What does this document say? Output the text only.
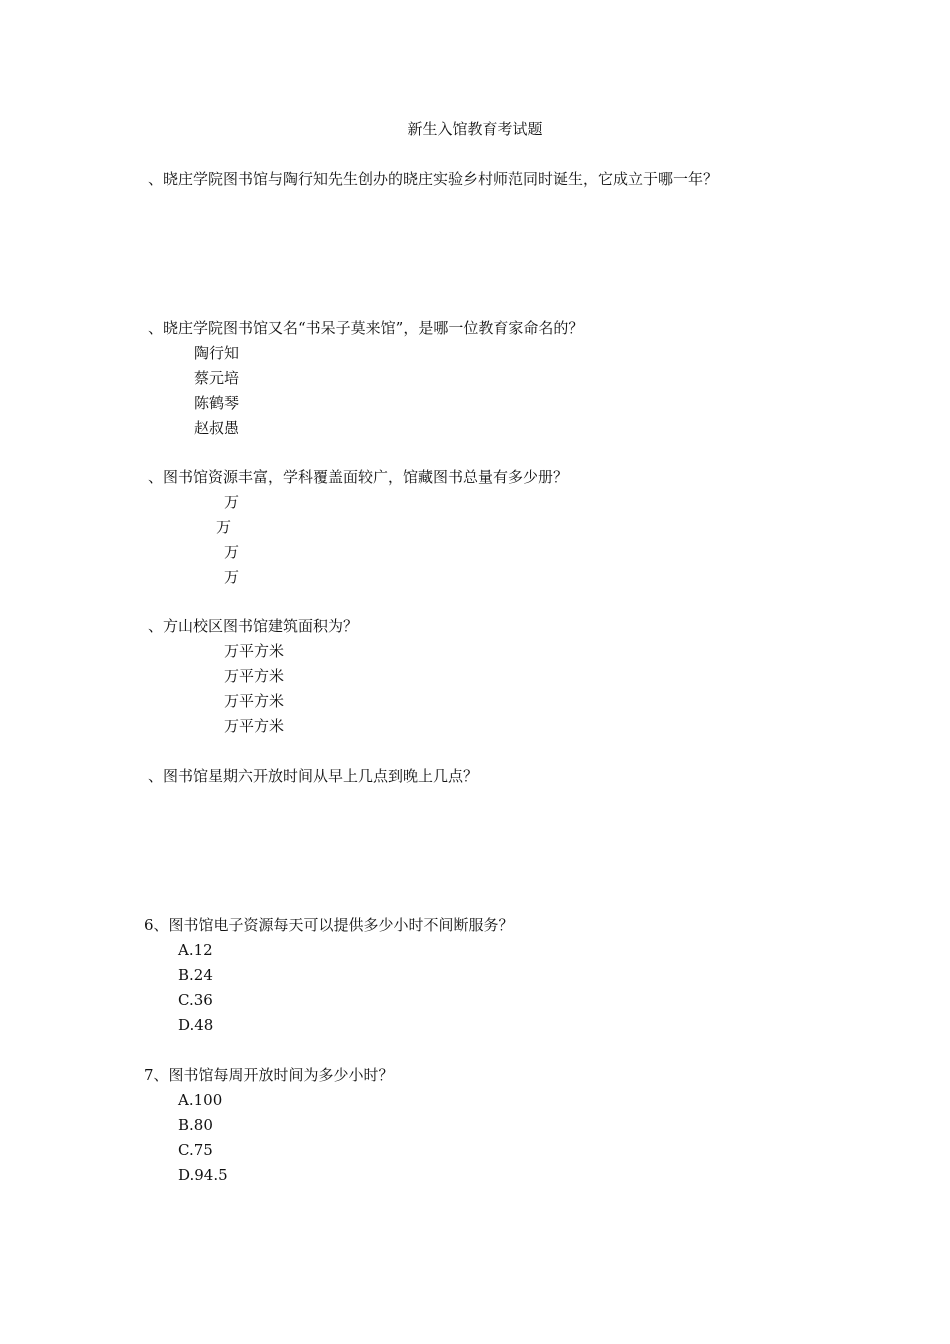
新生入馆教育考试题
、晓庄学院图书馆与陶行知先生创办的晓庄实验乡村师范同时诞生，它成立于哪一年？
、晓庄学院图书馆又名“书呆子莫来馆”，是哪一位教育家命名的？
陶行知
蔡元培
陈鹤琴
赵叔愚
、图书馆资源丰富，学科覆盖面较广，馆藏图书总量有多少册？
万
万
万
万
、方山校区图书馆建筑面积为？
万平方米
万平方米
万平方米
万平方米
、图书馆星期六开放时间从早上几点到晚上几点？
6、图书馆电子资源每天可以提供多少小时不间断服务？
A.12
B.24
C.36
D.48
7、图书馆每周开放时间为多少小时？
A.100
B.80
C.75
D.94.5
